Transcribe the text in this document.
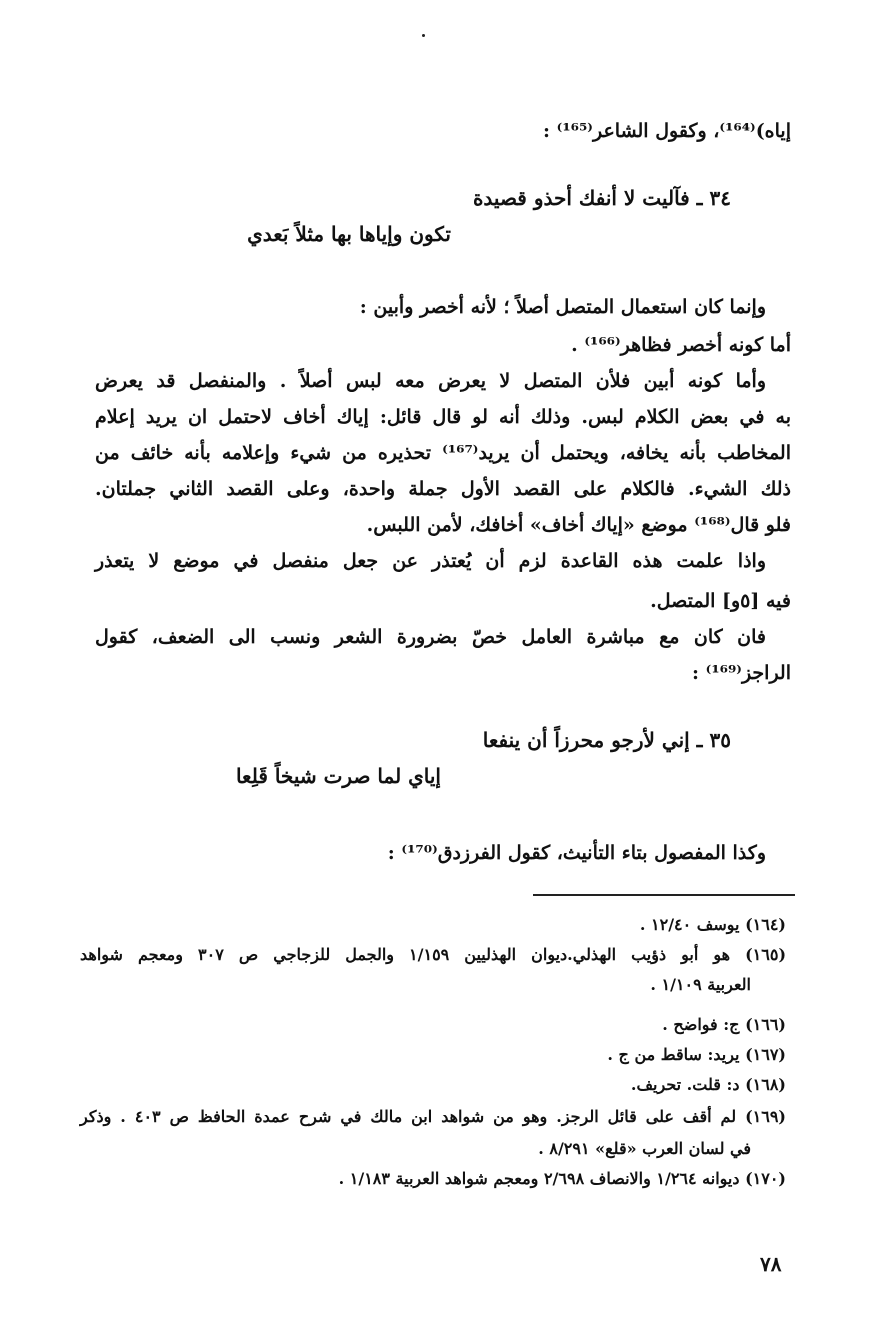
إياه)⁽¹⁶⁴⁾، وكقول الشاعر⁽¹⁶⁵⁾ :
٣٤ ـ فآليت لا أنفك أحذو قصيدة
تكون وإياها بها مثلاً بَعدي
وإنما كان استعمال المتصل أصلاً ؛ لأنه أخصر وأبين :
أما كونه أخصر فظاهر⁽¹⁶⁶⁾ .
وأما كونه أبين فلأن المتصل لا يعرض معه لبس أصلاً . والمنفصل قد يعرض
به في بعض الكلام لبس. وذلك أنه لو قال قائل: إياك أخاف لاحتمل ان يريد إعلام
المخاطب بأنه يخافه، ويحتمل أن يريد⁽¹⁶⁷⁾ تحذيره من شيء وإعلامه بأنه خائف من
ذلك الشيء. فالكلام على القصد الأول جملة واحدة، وعلى القصد الثاني جملتان.
فلو قال⁽¹⁶⁸⁾ موضع «إياك أخاف» أخافك، لأمن اللبس.
واذا علمت هذه القاعدة لزم أن يُعتذر عن جعل منفصل في موضع لا يتعذر
فيه [٥و] المتصل.
فان كان مع مباشرة العامل خصّ بضرورة الشعر ونسب الى الضعف، كقول
الراجز⁽¹⁶⁹⁾ :
٣٥ ـ إني لأرجو محرزاً أن ينفعا
إياي لما صرت شيخاً قَلِعا
وكذا المفصول بتاء التأنيث، كقول الفرزدق⁽¹⁷⁰⁾ :
(١٦٤) يوسف ١٢/٤٠ .
(١٦٥) هو أبو ذؤيب الهذلي.ديوان الهذليين ١/١٥٩ والجمل للزجاجي ص ٣٠٧ ومعجم شواهد
العربية ١/١٠٩ .
(١٦٦) ج: فواضح .
(١٦٧) يريد: ساقط من ج .
(١٦٨) د: قلت. تحريف.
(١٦٩) لم أقف على قائل الرجز. وهو من شواهد ابن مالك في شرح عمدة الحافظ ص ٤٠٣ . وذكر
في لسان العرب «قلع» ٨/٢٩١ .
(١٧٠) ديوانه ١/٢٦٤ والانصاف ٢/٦٩٨ ومعجم شواهد العربية ١/١٨٣ .
٧٨
